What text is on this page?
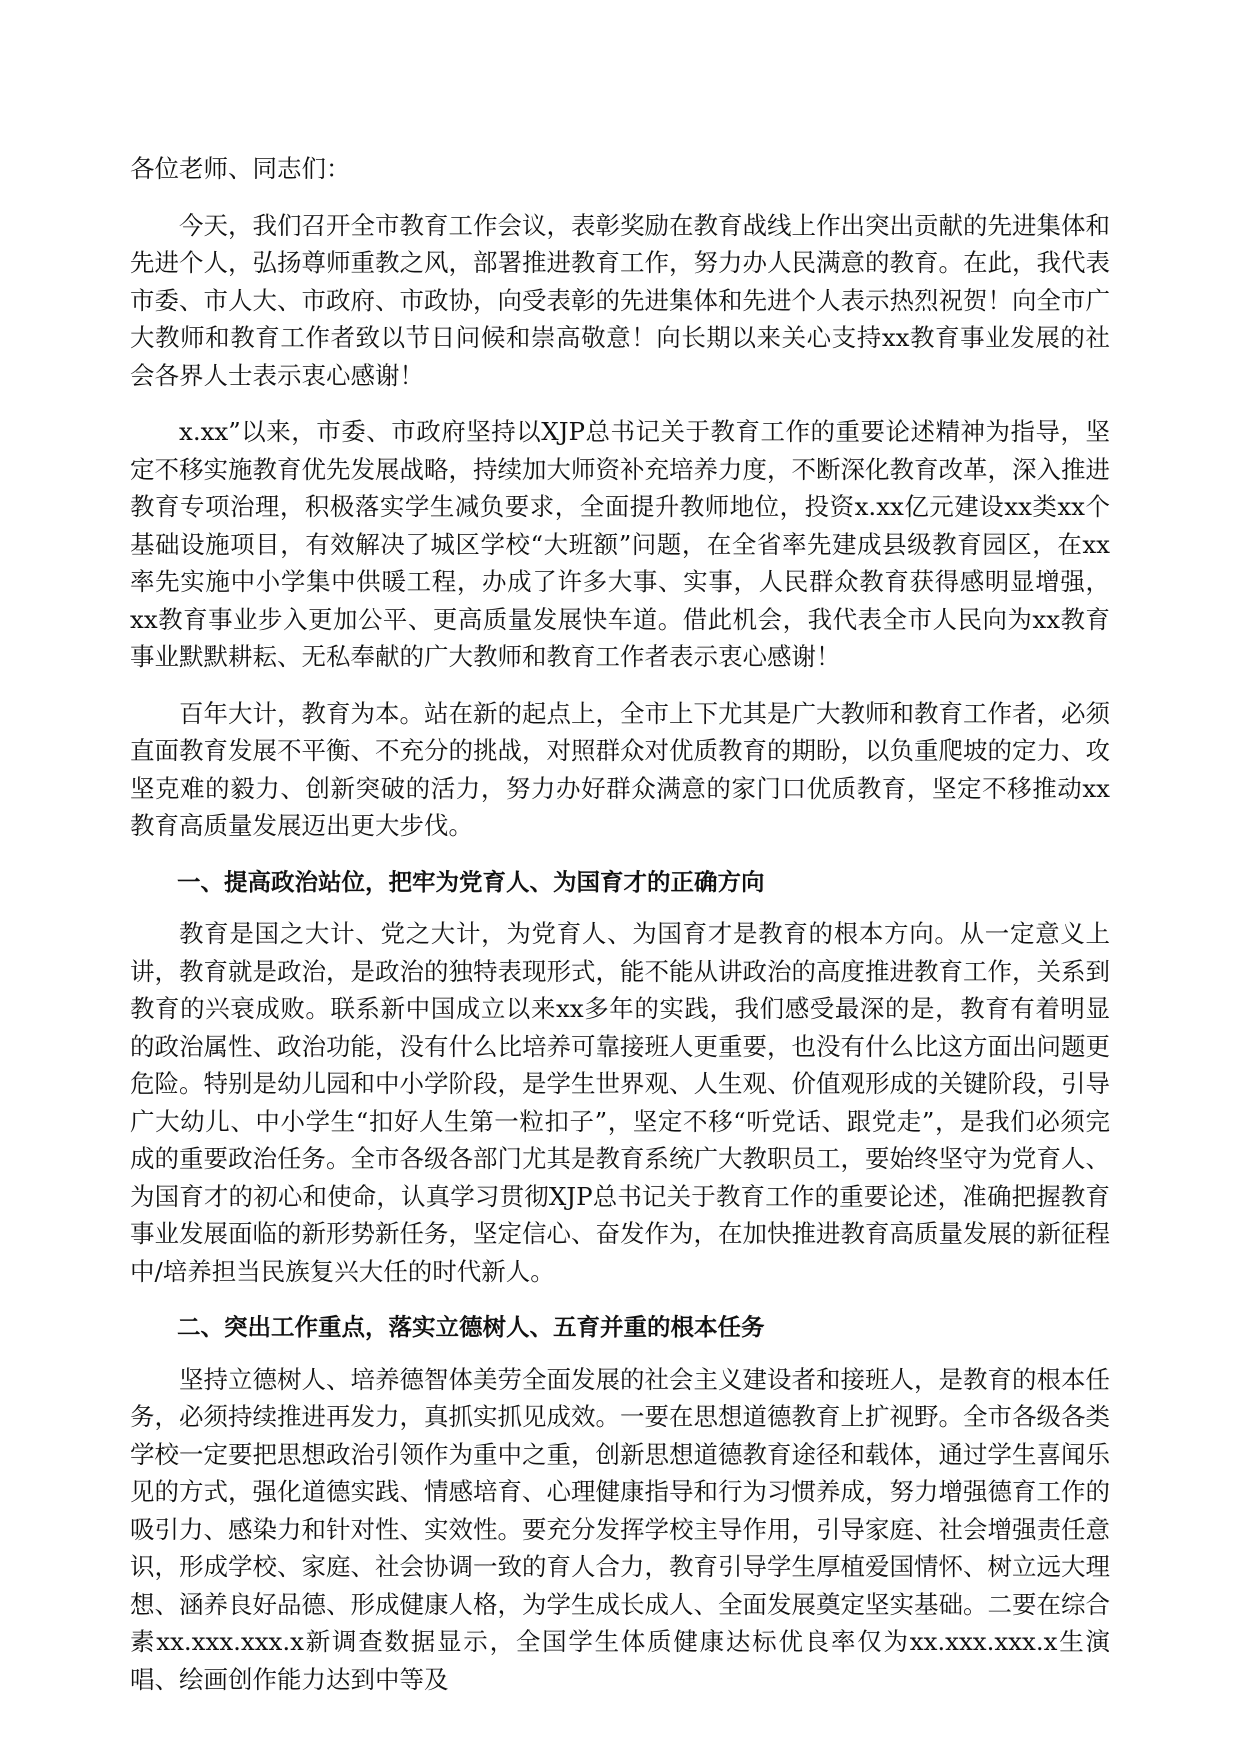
各位老师、同志们：

今天，我们召开全市教育工作会议，表彰奖励在教育战线上作出突出贡献的先进集体和先进个人，弘扬尊师重教之风，部署推进教育工作，努力办人民满意的教育。在此，我代表市委、市人大、市政府、市政协，向受表彰的先进集体和先进个人表示热烈祝贺！向全市广大教师和教育工作者致以节日问候和崇高敬意！向长期以来关心支持xx教育事业发展的社会各界人士表示衷心感谢！

x.xx”以来，市委、市政府坚持以XJP总书记关于教育工作的重要论述精神为指导，坚定不移实施教育优先发展战略，持续加大师资补充培养力度，不断深化教育改革，深入推进教育专项治理，积极落实学生减负要求，全面提升教师地位，投资x.xx亿元建设xx类xx个基础设施项目，有效解决了城区学校“大班额”问题，在全省率先建成县级教育园区，在xx率先实施中小学集中供暖工程，办成了许多大事、实事，人民群众教育获得感明显增强，xx教育事业步入更加公平、更高质量发展快车道。借此机会，我代表全市人民向为xx教育事业默默耕耘、无私奉献的广大教师和教育工作者表示衷心感谢！

百年大计，教育为本。站在新的起点上，全市上下尤其是广大教师和教育工作者，必须直面教育发展不平衡、不充分的挑战，对照群众对优质教育的期盼，以负重爬坡的定力、攻坚克难的毅力、创新突破的活力，努力办好群众满意的家门口优质教育，坚定不移推动xx教育高质量发展迈出更大步伐。

一、提高政治站位，把牢为党育人、为国育才的正确方向

教育是国之大计、党之大计，为党育人、为国育才是教育的根本方向。从一定意义上讲，教育就是政治，是政治的独特表现形式，能不能从讲政治的高度推进教育工作，关系到教育的兴衰成败。联系新中国成立以来xx多年的实践，我们感受最深的是，教育有着明显的政治属性、政治功能，没有什么比培养可靠接班人更重要，也没有什么比这方面出问题更危险。特别是幼儿园和中小学阶段，是学生世界观、人生观、价值观形成的关键阶段，引导广大幼儿、中小学生“扣好人生第一粒扣子”，坚定不移“听党话、跟党走”，是我们必须完成的重要政治任务。全市各级各部门尤其是教育系统广大教职员工，要始终坚守为党育人、为国育才的初心和使命，认真学习贯彻XJP总书记关于教育工作的重要论述，准确把握教育事业发展面临的新形势新任务，坚定信心、奋发作为，在加快推进教育高质量发展的新征程中/培养担当民族复兴大任的时代新人。

二、突出工作重点，落实立德树人、五育并重的根本任务

坚持立德树人、培养德智体美劳全面发展的社会主义建设者和接班人，是教育的根本任务，必须持续推进再发力，真抓实抓见成效。一要在思想道德教育上扩视野。全市各级各类学校一定要把思想政治引领作为重中之重，创新思想道德教育途径和载体，通过学生喜闻乐见的方式，强化道德实践、情感培育、心理健康指导和行为习惯养成，努力增强德育工作的吸引力、感染力和针对性、实效性。要充分发挥学校主导作用，引导家庭、社会增强责任意识，形成学校、家庭、社会协调一致的育人合力，教育引导学生厚植爱国情怀、树立远大理想、涵养良好品德、形成健康人格，为学生成长成人、全面发展奠定坚实基础。二要在综合素xx.xxx.xxx.x新调查数据显示，全国学生体质健康达标优良率仅为xx.xxx.xxx.x生演唱、绘画创作能力达到中等及
